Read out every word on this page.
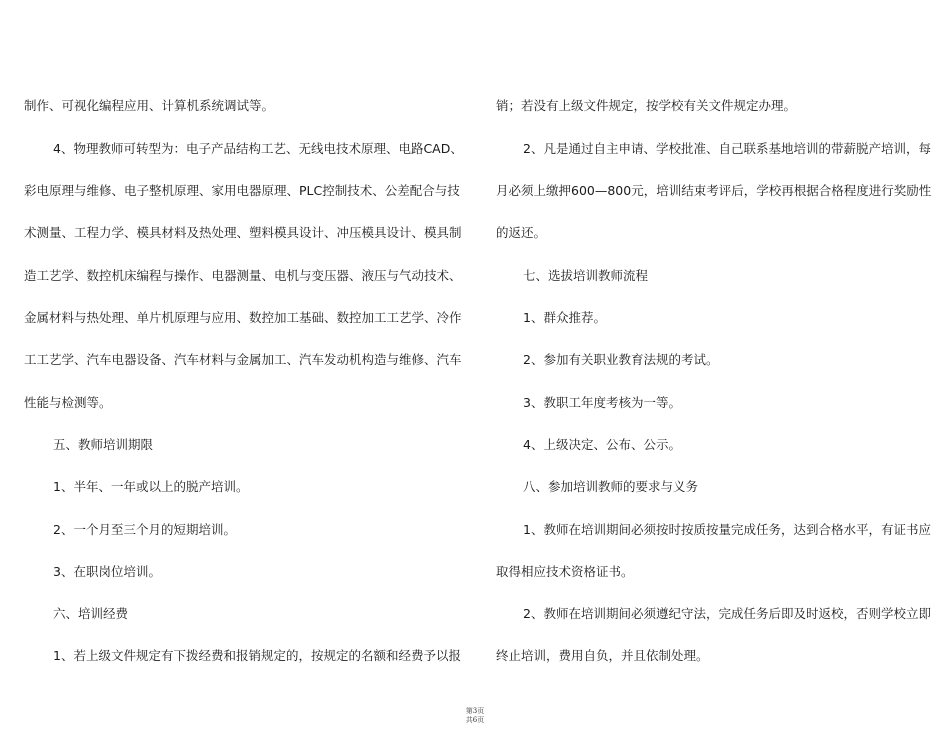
制作、可视化编程应用、计算机系统调试等。
4、物理教师可转型为：电子产品结构工艺、无线电技术原理、电路CAD、
彩电原理与维修、电子整机原理、家用电器原理、PLC控制技术、公差配合与技
术测量、工程力学、模具材料及热处理、塑料模具设计、冲压模具设计、模具制
造工艺学、数控机床编程与操作、电器测量、电机与变压器、液压与气动技术、
金属材料与热处理、单片机原理与应用、数控加工基础、数控加工工艺学、冷作
工工艺学、汽车电器设备、汽车材料与金属加工、汽车发动机构造与维修、汽车
性能与检测等。
五、教师培训期限
1、半年、一年或以上的脱产培训。
2、一个月至三个月的短期培训。
3、在职岗位培训。
六、培训经费
1、若上级文件规定有下拨经费和报销规定的，按规定的名额和经费予以报
销；若没有上级文件规定，按学校有关文件规定办理。
2、凡是通过自主申请、学校批准、自己联系基地培训的带薪脱产培训，每
月必须上缴押600—800元，培训结束考评后，学校再根据合格程度进行奖励性
的返还。
七、选拔培训教师流程
1、群众推荐。
2、参加有关职业教育法规的考试。
3、教职工年度考核为一等。
4、上级决定、公布、公示。
八、参加培训教师的要求与义务
1、教师在培训期间必须按时按质按量完成任务，达到合格水平，有证书应
取得相应技术资格证书。
2、教师在培训期间必须遵纪守法，完成任务后即及时返校，否则学校立即
终止培训，费用自负，并且依制处理。
第3页
共6页
